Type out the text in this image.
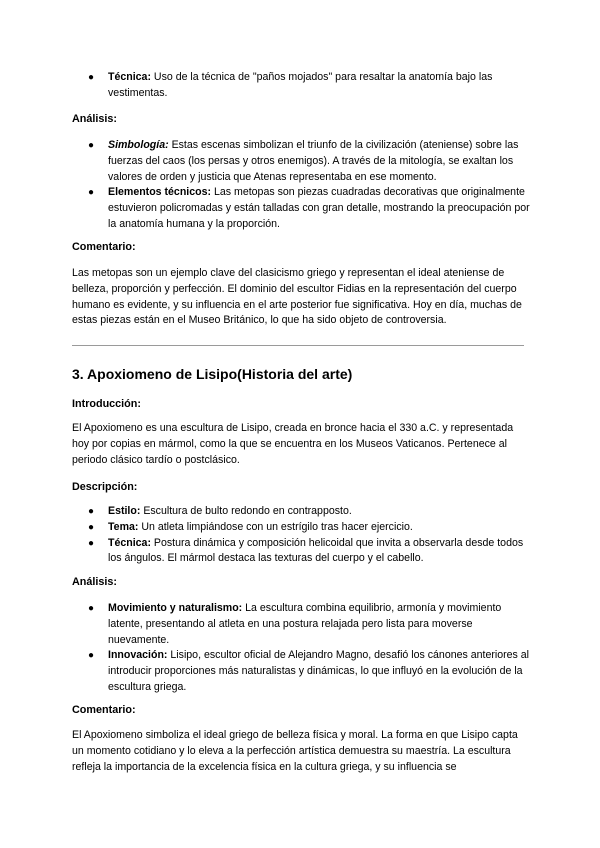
● Técnica: Uso de la técnica de "paños mojados" para resaltar la anatomía bajo las vestimentas.

Análisis:

● Simbología: Estas escenas simbolizan el triunfo de la civilización (ateniense) sobre las fuerzas del caos (los persas y otros enemigos). A través de la mitología, se exaltan los valores de orden y justicia que Atenas representaba en ese momento.
● Elementos técnicos: Las metopas son piezas cuadradas decorativas que originalmente estuvieron policromadas y están talladas con gran detalle, mostrando la preocupación por la anatomía humana y la proporción.

Comentario:

Las metopas son un ejemplo clave del clasicismo griego y representan el ideal ateniense de belleza, proporción y perfección. El dominio del escultor Fidias en la representación del cuerpo humano es evidente, y su influencia en el arte posterior fue significativa. Hoy en día, muchas de estas piezas están en el Museo Británico, lo que ha sido objeto de controversia.

3. Apoxiomeno de Lisipo(Historia del arte)

Introducción:

El Apoxiomeno es una escultura de Lisipo, creada en bronce hacia el 330 a.C. y representada hoy por copias en mármol, como la que se encuentra en los Museos Vaticanos. Pertenece al periodo clásico tardío o postclásico.

Descripción:

● Estilo: Escultura de bulto redondo en contrapposto.
● Tema: Un atleta limpiándose con un estrígilo tras hacer ejercicio.
● Técnica: Postura dinámica y composición helicoidal que invita a observarla desde todos los ángulos. El mármol destaca las texturas del cuerpo y el cabello.

Análisis:

● Movimiento y naturalismo: La escultura combina equilibrio, armonía y movimiento latente, presentando al atleta en una postura relajada pero lista para moverse nuevamente.
● Innovación: Lisipo, escultor oficial de Alejandro Magno, desafió los cánones anteriores al introducir proporciones más naturalistas y dinámicas, lo que influyó en la evolución de la escultura griega.

Comentario:

El Apoxiomeno simboliza el ideal griego de belleza física y moral. La forma en que Lisipo capta un momento cotidiano y lo eleva a la perfección artística demuestra su maestría. La escultura refleja la importancia de la excelencia física en la cultura griega, y su influencia se
